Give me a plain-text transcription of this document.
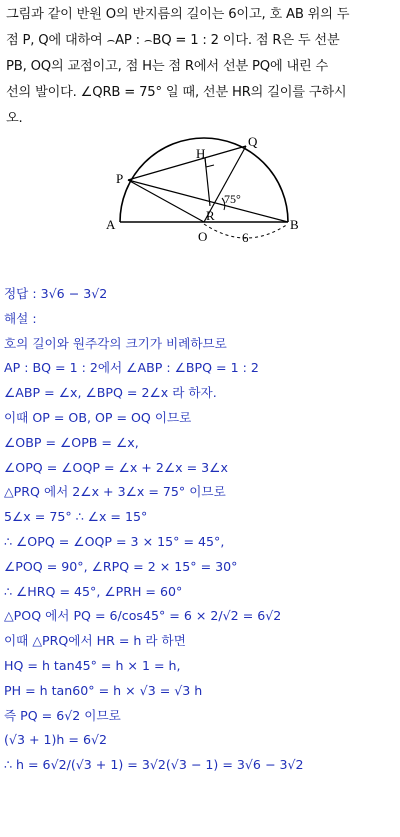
그림과 같이 반원 O의 반지름의 길이는 6이고, 호 AB 위의 두
점 P, Q에 대하여 ⌢AP : ⌢BQ = 1 : 2 이다. 점 R은 두 선분
PB, OQ의 교점이고, 점 H는 점 R에서 선분 PQ에 내린 수
선의 발이다. ∠QRB = 75° 일 때, 선분 HR의 길이를 구하시
오.
A	B
O
P
Q
H
R
75°
6
정답 : 3√6 − 3√2
해설 :
호의 길이와 원주각의 크기가 비례하므로
AP : BQ = 1 : 2에서 ∠ABP : ∠BPQ = 1 : 2
∠ABP = ∠x, ∠BPQ = 2∠x 라 하자.
이때 OP = OB, OP = OQ 이므로
∠OBP = ∠OPB = ∠x,
∠OPQ = ∠OQP = ∠x + 2∠x = 3∠x
△PRQ 에서 2∠x + 3∠x = 75° 이므로
5∠x = 75° ∴ ∠x = 15°
∴ ∠OPQ = ∠OQP = 3 × 15° = 45°,
∠POQ = 90°, ∠RPQ = 2 × 15° = 30°
∴ ∠HRQ = 45°, ∠PRH = 60°
△POQ 에서 PQ = 6/cos45° = 6 × 2/√2 = 6√2
이때 △PRQ에서 HR = h 라 하면
HQ = h tan45° = h × 1 = h,
PH = h tan60° = h × √3 = √3 h
즉 PQ = 6√2 이므로
(√3 + 1)h = 6√2
∴ h = 6√2/(√3 + 1) = 3√2(√3 − 1) = 3√6 − 3√2
